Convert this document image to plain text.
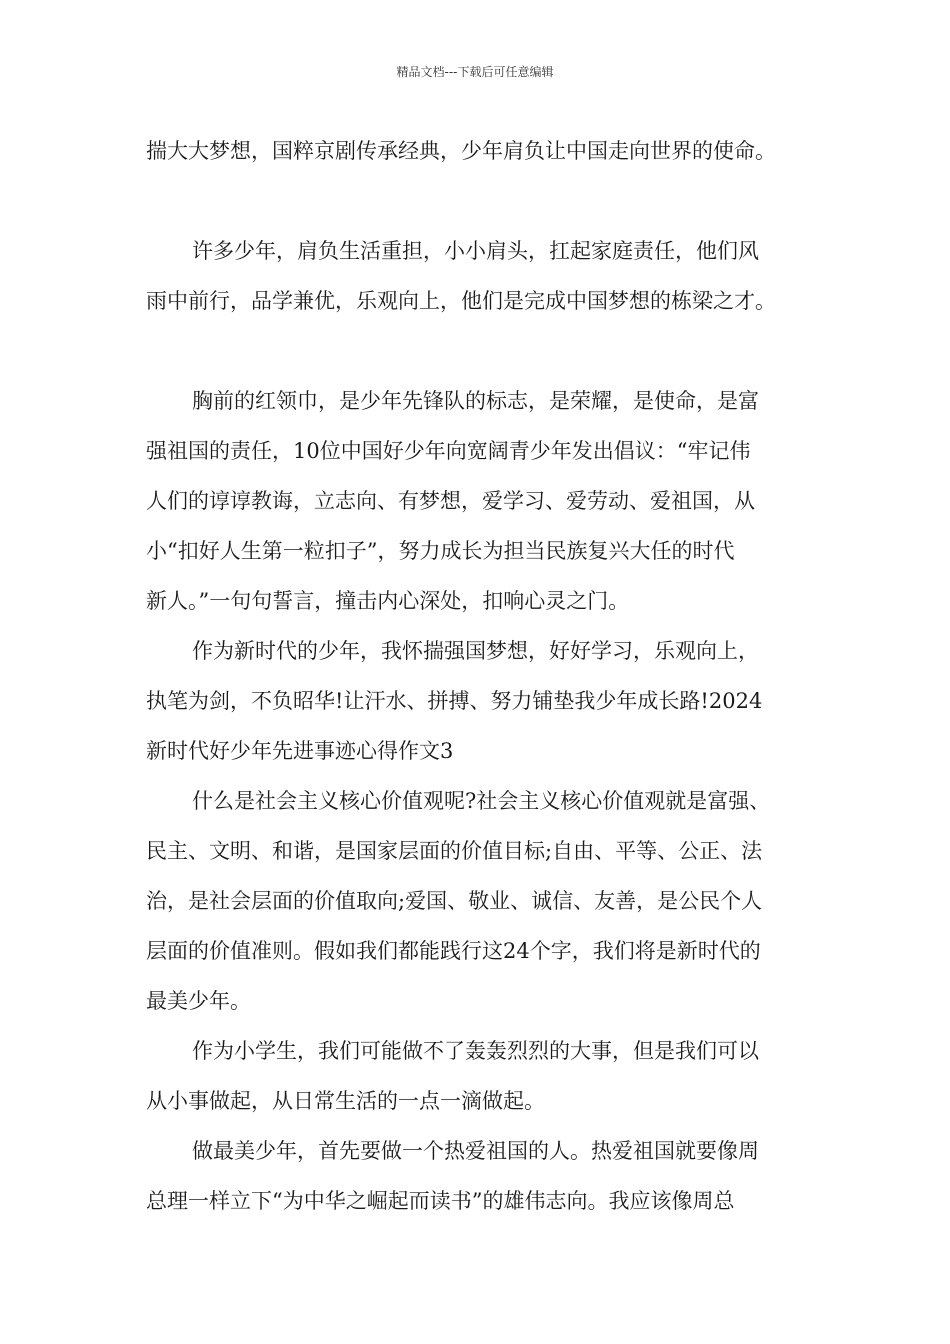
精品文档---下载后可任意编辑
揣大大梦想，国粹京剧传承经典，少年肩负让中国走向世界的使命。
许多少年，肩负生活重担，小小肩头，扛起家庭责任，他们风
雨中前行，品学兼优，乐观向上，他们是完成中国梦想的栋梁之才。
胸前的红领巾，是少年先锋队的标志，是荣耀，是使命，是富
强祖国的责任，10位中国好少年向宽阔青少年发出倡议：“牢记伟
人们的谆谆教诲，立志向、有梦想，爱学习、爱劳动、爱祖国，从
小“扣好人生第一粒扣子”，努力成长为担当民族复兴大任的时代
新人。”一句句誓言，撞击内心深处，扣响心灵之门。
作为新时代的少年，我怀揣强国梦想，好好学习，乐观向上，
执笔为剑，不负昭华!让汗水、拼搏、努力铺垫我少年成长路!2024
新时代好少年先进事迹心得作文3
什么是社会主义核心价值观呢?社会主义核心价值观就是富强、
民主、文明、和谐，是国家层面的价值目标;自由、平等、公正、法
治，是社会层面的价值取向;爱国、敬业、诚信、友善，是公民个人
层面的价值准则。假如我们都能践行这24个字，我们将是新时代的
最美少年。
作为小学生，我们可能做不了轰轰烈烈的大事，但是我们可以
从小事做起，从日常生活的一点一滴做起。
做最美少年，首先要做一个热爱祖国的人。热爱祖国就要像周
总理一样立下“为中华之崛起而读书”的雄伟志向。我应该像周总
